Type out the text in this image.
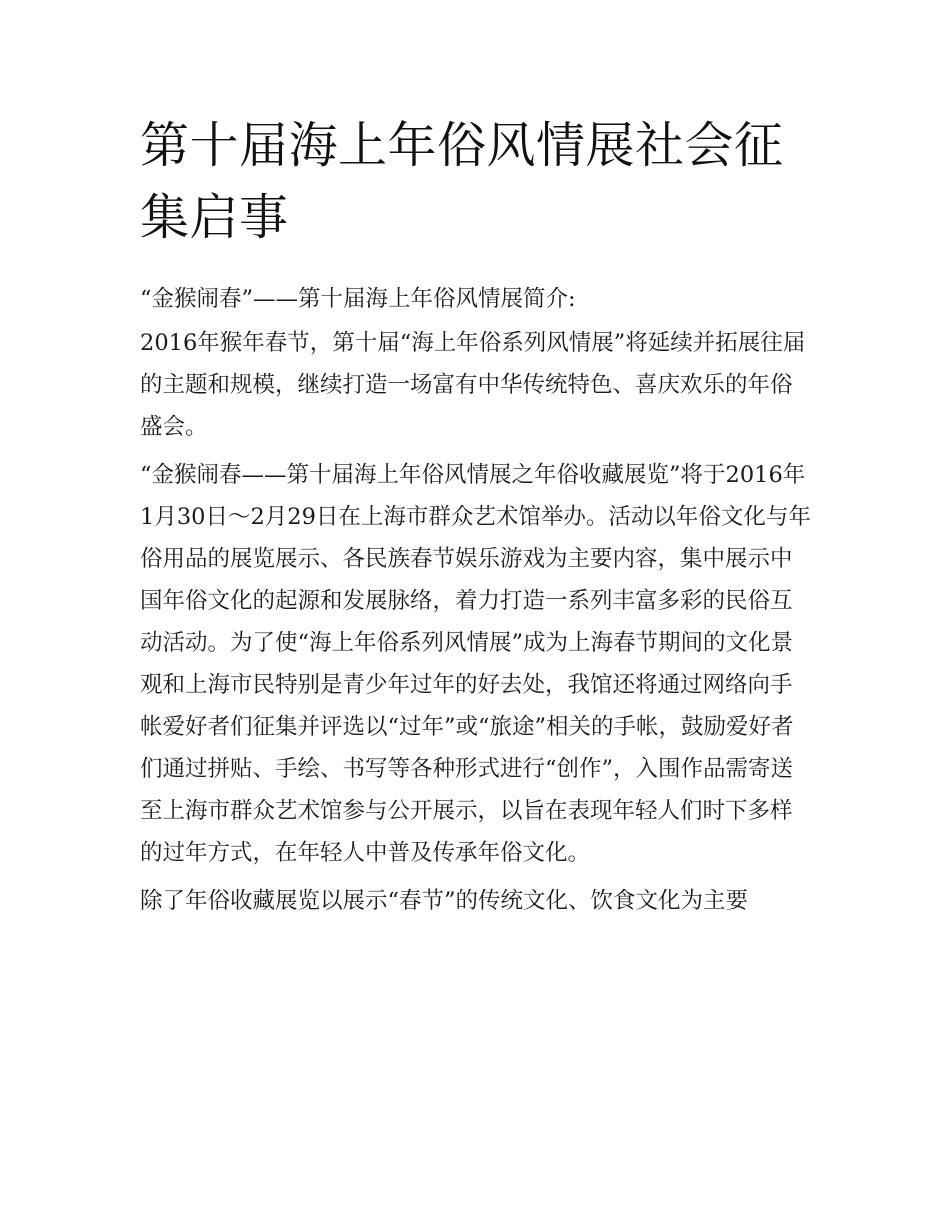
第十届海上年俗风情展社会征集启事

“金猴闹春”——第十届海上年俗风情展简介:

2016年猴年春节，第十届“海上年俗系列风情展”将延续并拓展往届的主题和规模，继续打造一场富有中华传统特色、喜庆欢乐的年俗盛会。

“金猴闹春——第十届海上年俗风情展之年俗收藏展览”将于2016年1月30日～2月29日在上海市群众艺术馆举办。活动以年俗文化与年俗用品的展览展示、各民族春节娱乐游戏为主要内容，集中展示中国年俗文化的起源和发展脉络，着力打造一系列丰富多彩的民俗互动活动。为了使“海上年俗系列风情展”成为上海春节期间的文化景观和上海市民特别是青少年过年的好去处，我馆还将通过网络向手帐爱好者们征集并评选以“过年”或“旅途”相关的手帐，鼓励爱好者们通过拼贴、手绘、书写等各种形式进行“创作”，入围作品需寄送至上海市群众艺术馆参与公开展示，以旨在表现年轻人们时下多样的过年方式，在年轻人中普及传承年俗文化。

除了年俗收藏展览以展示“春节”的传统文化、饮食文化为主要
